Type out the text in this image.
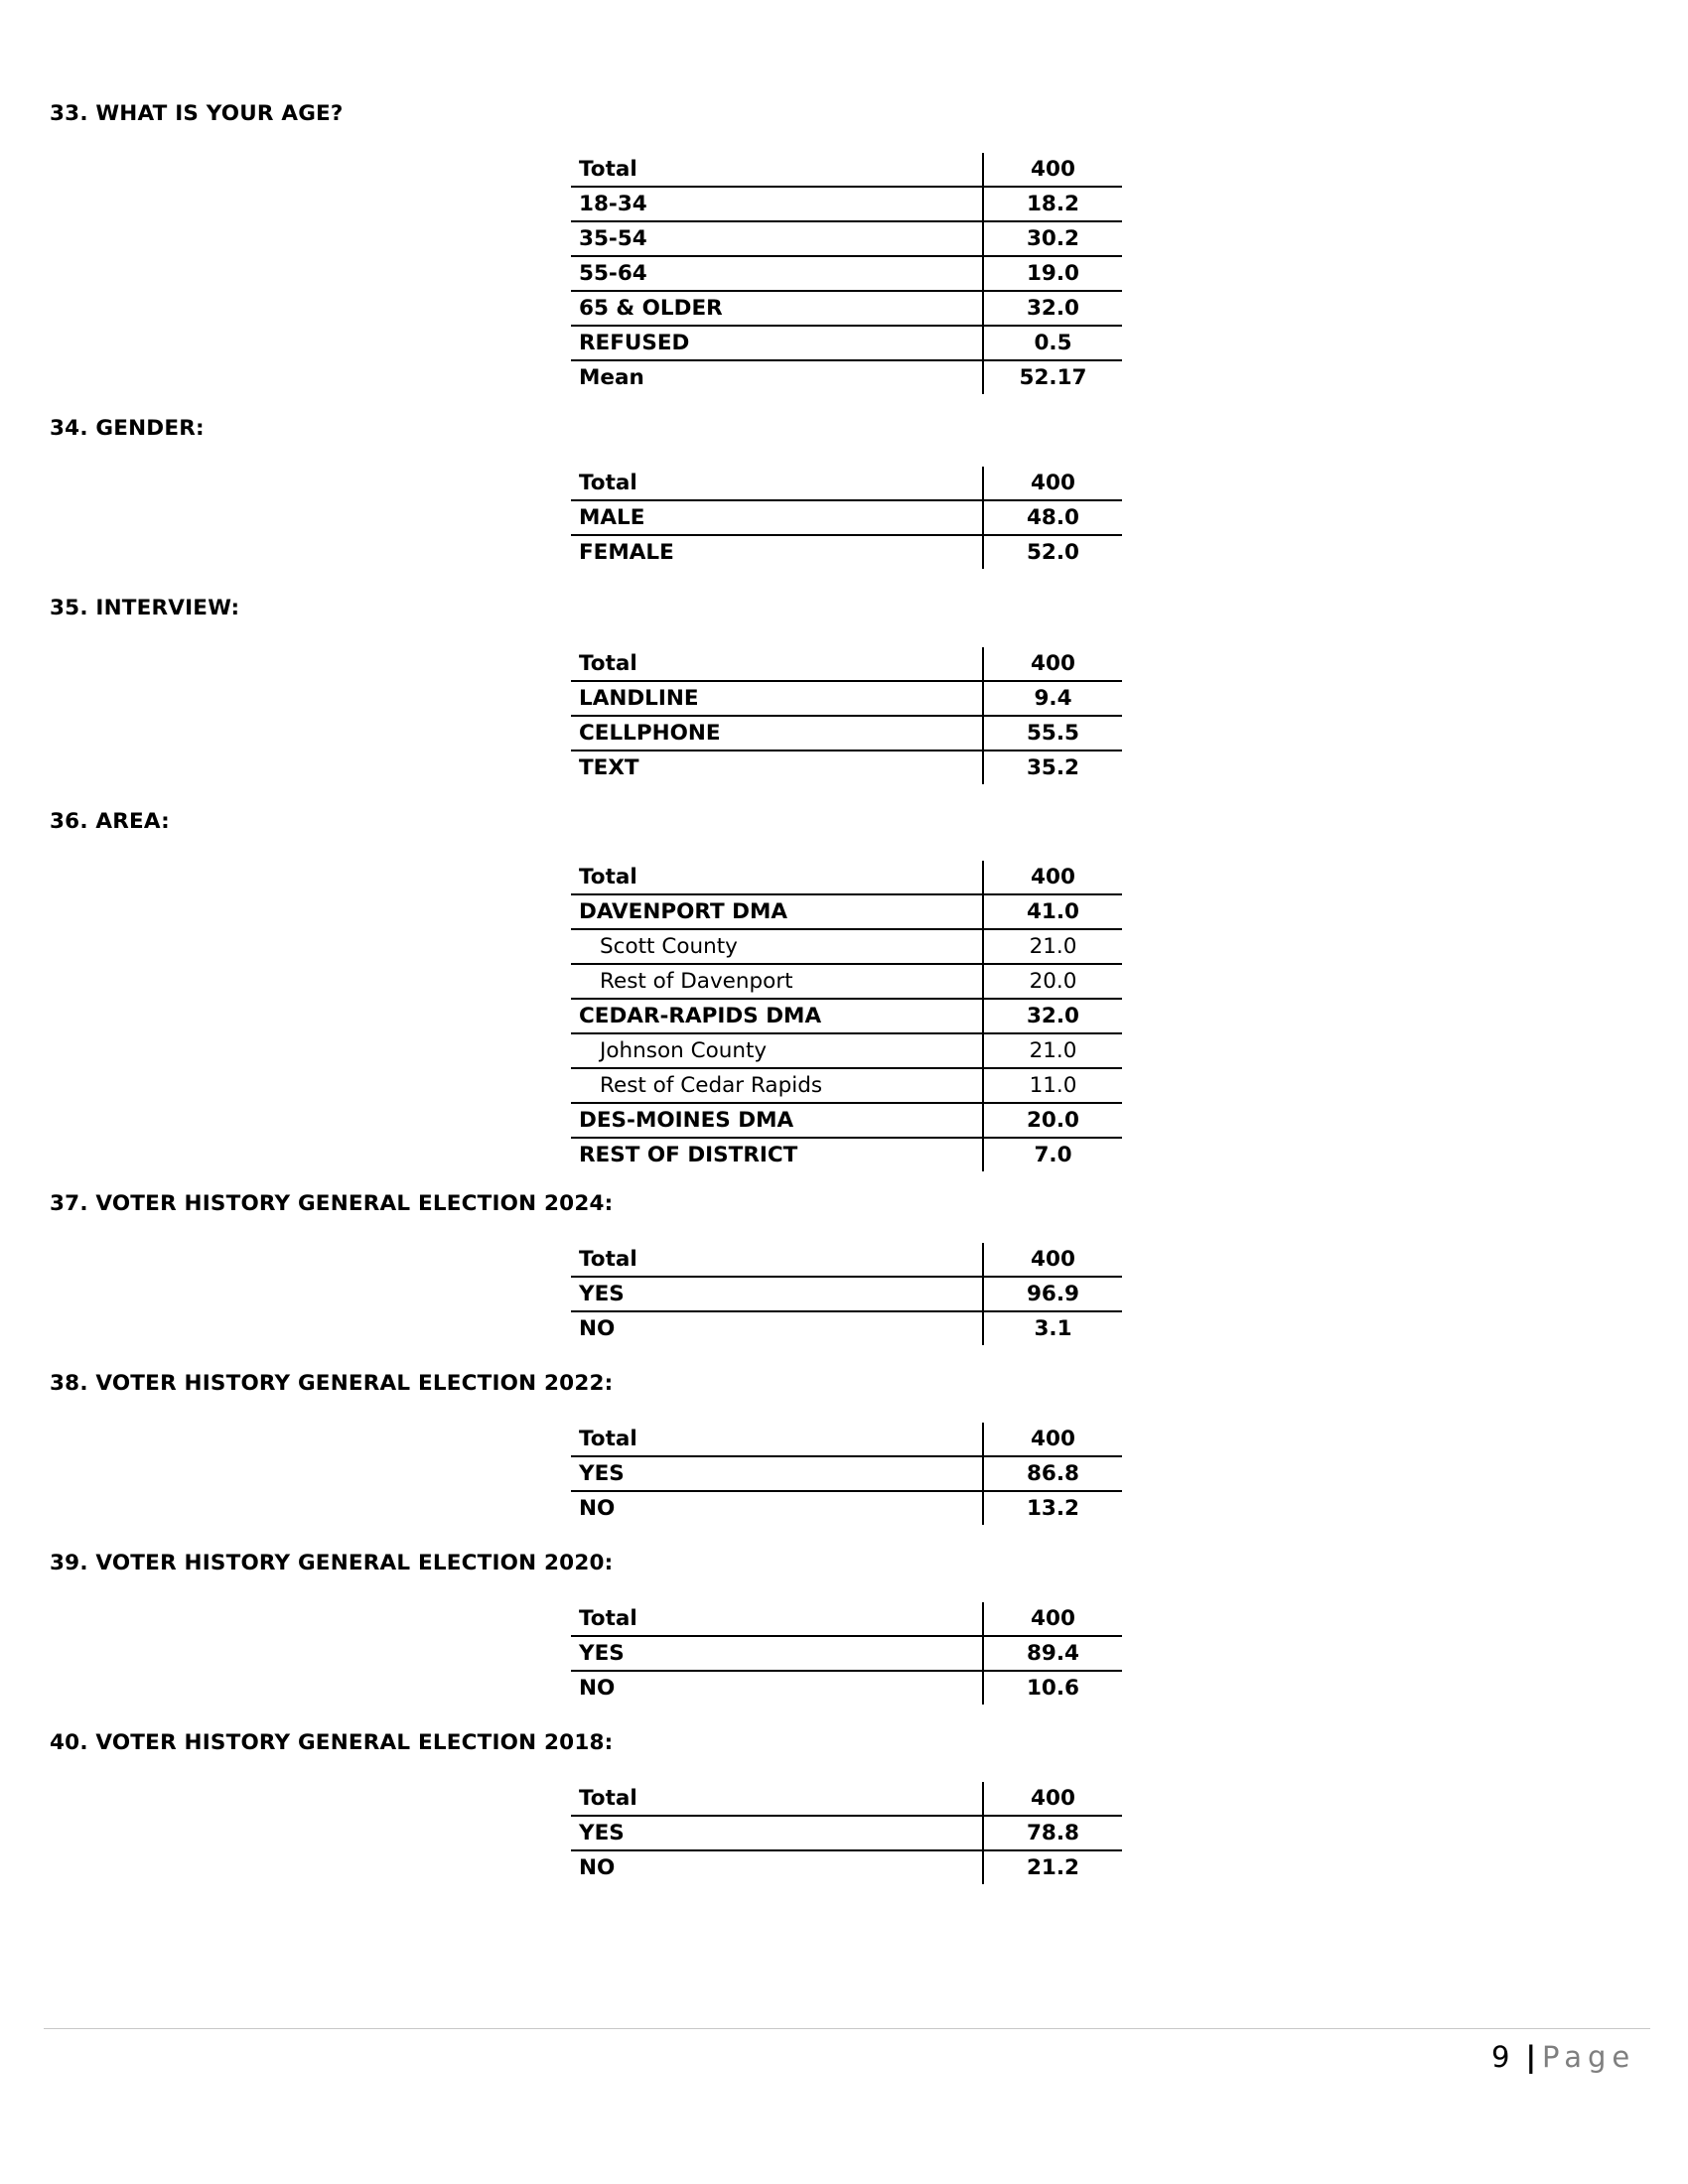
33. WHAT IS YOUR AGE?
Total	400
18-34	18.2
35-54	30.2
55-64	19.0
65 & OLDER	32.0
REFUSED	0.5
Mean	52.17
34. GENDER:
Total	400
MALE	48.0
FEMALE	52.0
35. INTERVIEW:
Total	400
LANDLINE	9.4
CELLPHONE	55.5
TEXT	35.2
36. AREA:
Total	400
DAVENPORT DMA	41.0
Scott County	21.0
Rest of Davenport	20.0
CEDAR-RAPIDS DMA	32.0
Johnson County	21.0
Rest of Cedar Rapids	11.0
DES-MOINES DMA	20.0
REST OF DISTRICT	7.0
37. VOTER HISTORY GENERAL ELECTION 2024:
Total	400
YES	96.9
NO	3.1
38. VOTER HISTORY GENERAL ELECTION 2022:
Total	400
YES	86.8
NO	13.2
39. VOTER HISTORY GENERAL ELECTION 2020:
Total	400
YES	89.4
NO	10.6
40. VOTER HISTORY GENERAL ELECTION 2018:
Total	400
YES	78.8
NO	21.2
9 | Page
